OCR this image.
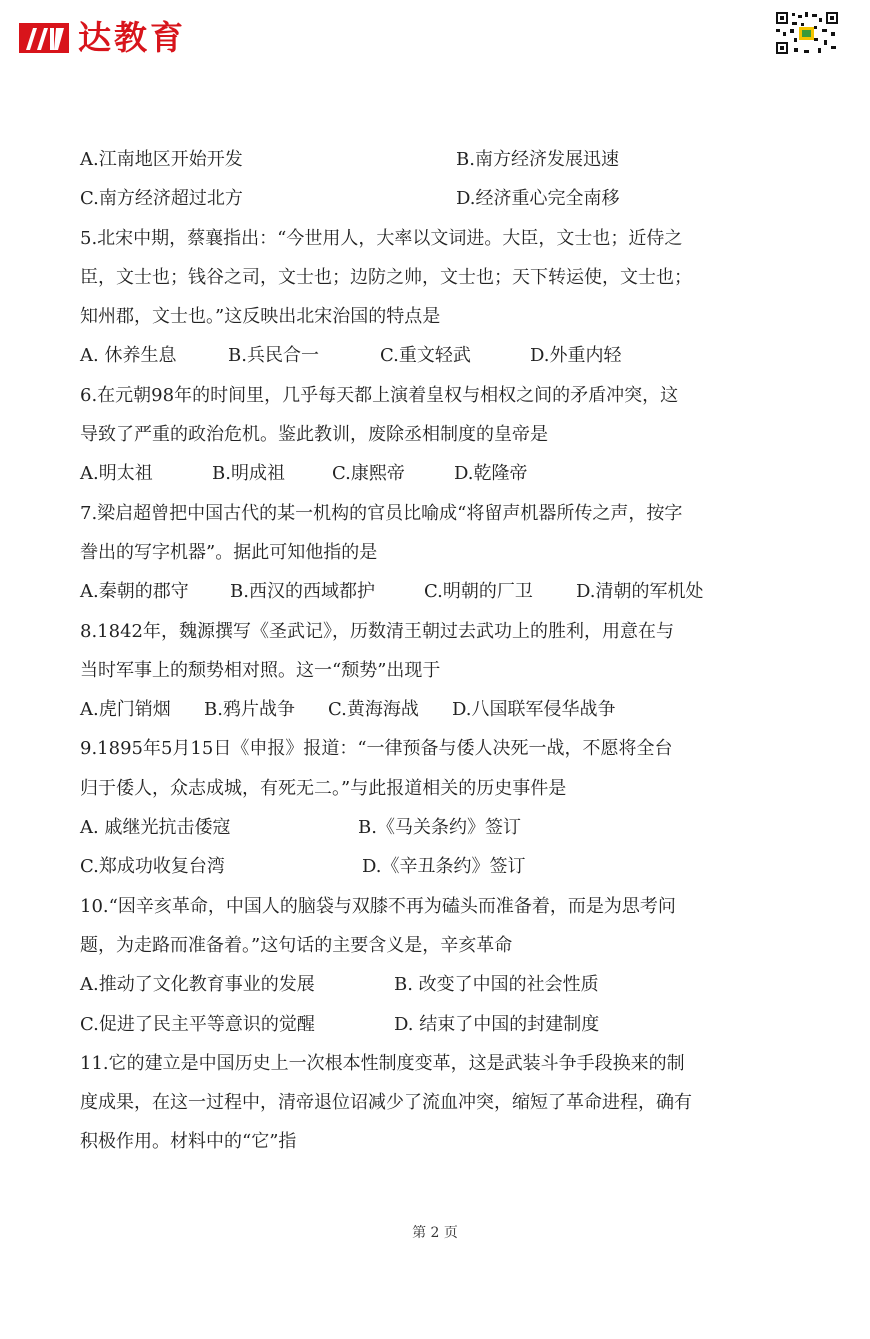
达教育
A.江南地区开始开发	B.南方经济发展迅速
C.南方经济超过北方	D.经济重心完全南移
5.北宋中期，蔡襄指出：“今世用人，大率以文词进。大臣，文士也；近侍之
臣，文士也；钱谷之司，文士也；边防之帅，文士也；天下转运使，文士也；
知州郡，文士也。”这反映出北宋治国的特点是
A. 休养生息	B.兵民合一	C.重文轻武	D.外重内轻
6.在元朝98年的时间里，几乎每天都上演着皇权与相权之间的矛盾冲突，这
导致了严重的政治危机。鉴此教训，废除丞相制度的皇帝是
A.明太祖	B.明成祖	C.康熙帝	D.乾隆帝
7.梁启超曾把中国古代的某一机构的官员比喻成“将留声机器所传之声，按字
誊出的写字机器”。据此可知他指的是
A.秦朝的郡守 B.西汉的西域都护	C.明朝的厂卫 D.清朝的军机处
8.1842年，魏源撰写《圣武记》，历数清王朝过去武功上的胜利，用意在与
当时军事上的颓势相对照。这一“颓势”出现于
A.虎门销烟 B.鸦片战争 C.黄海海战 D.八国联军侵华战争
9.1895年5月15日《申报》报道：“一律预备与倭人决死一战，不愿将全台
归于倭人，众志成城，有死无二。”与此报道相关的历史事件是
A. 戚继光抗击倭寇	B.《马关条约》签订
C.郑成功收复台湾	D.《辛丑条约》签订
10.“因辛亥革命，中国人的脑袋与双膝不再为磕头而准备着，而是为思考问
题，为走路而准备着。”这句话的主要含义是，辛亥革命
A.推动了文化教育事业的发展	B. 改变了中国的社会性质
C.促进了民主平等意识的觉醒	D. 结束了中国的封建制度
11.它的建立是中国历史上一次根本性制度变革，这是武装斗争手段换来的制
度成果，在这一过程中，清帝退位诏减少了流血冲突，缩短了革命进程，确有
积极作用。材料中的“它”指
第 2 页
